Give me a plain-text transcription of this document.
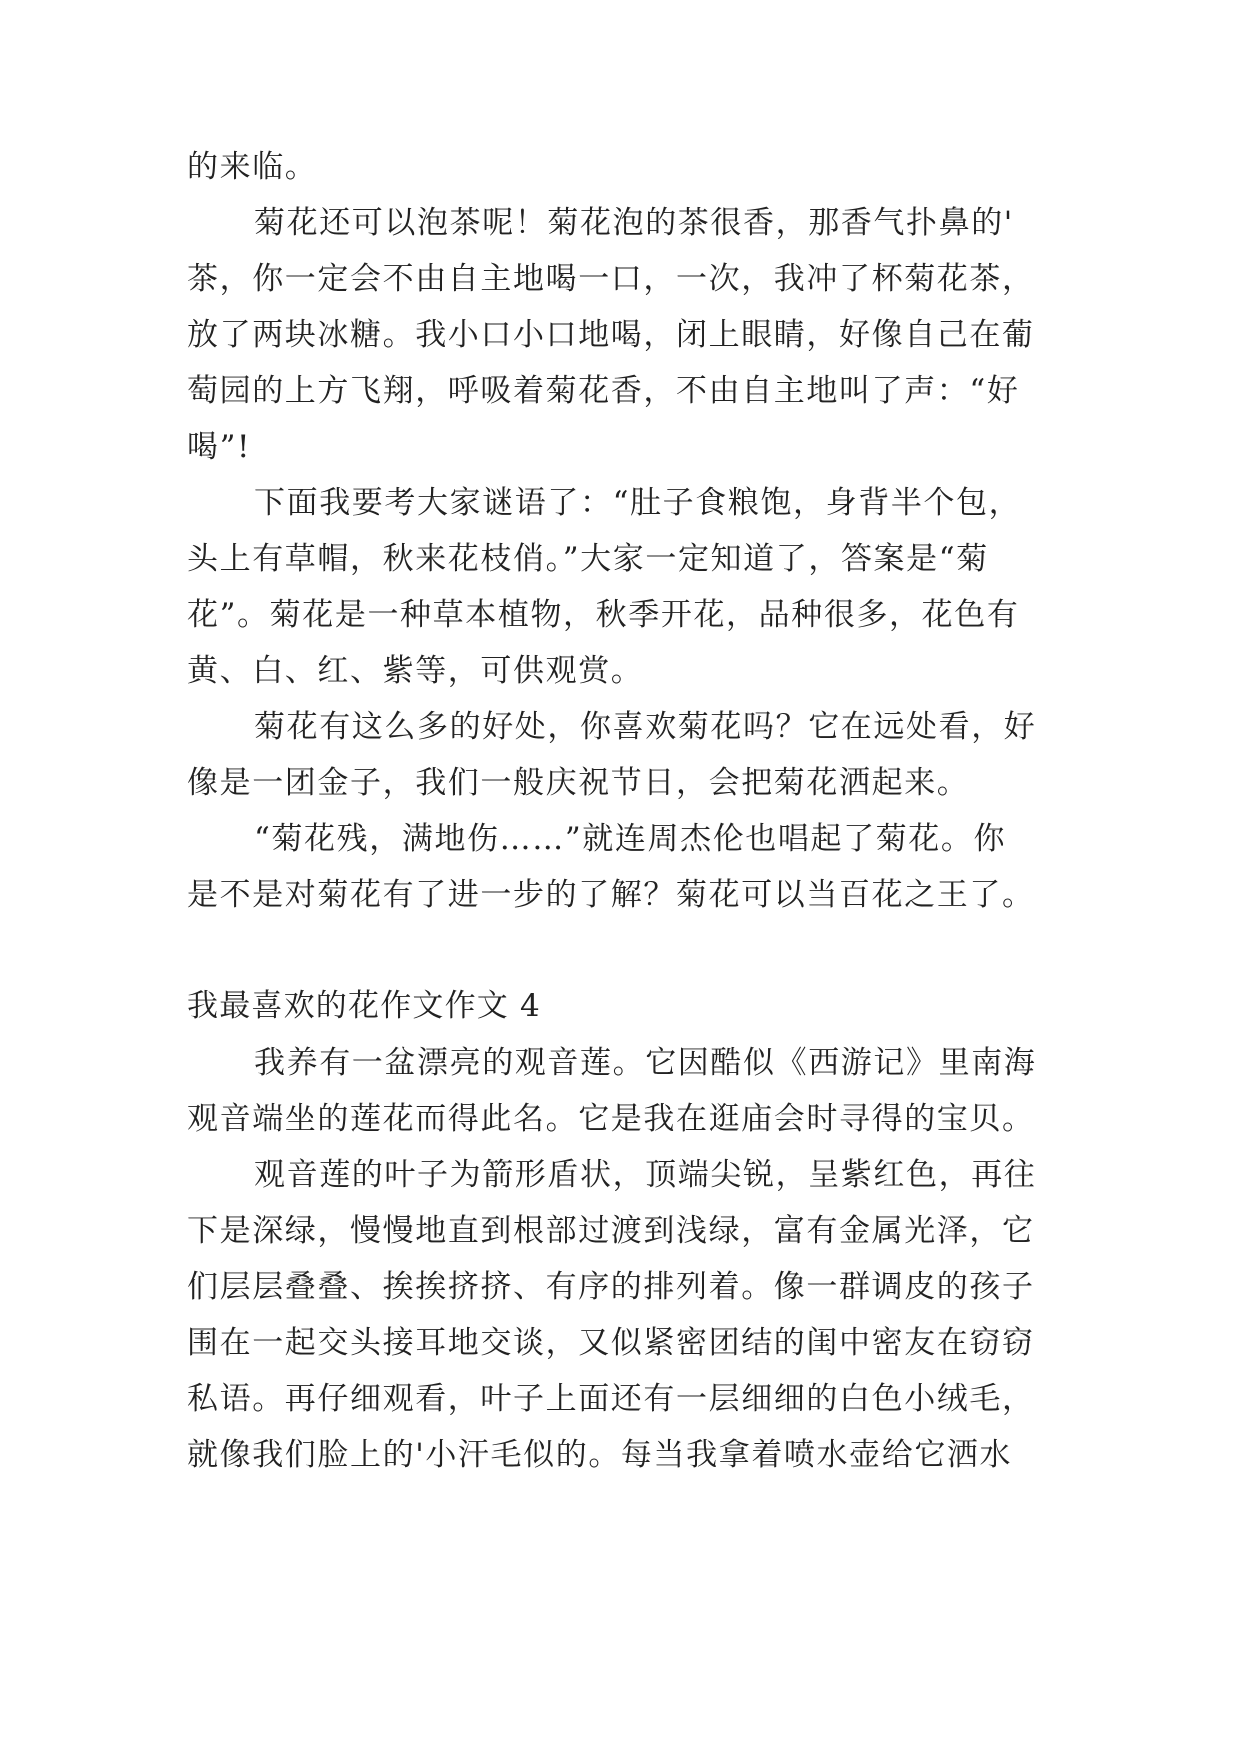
的来临。

菊花还可以泡茶呢！菊花泡的茶很香，那香气扑鼻的'

茶，你一定会不由自主地喝一口，一次，我冲了杯菊花茶，

放了两块冰糖。我小口小口地喝，闭上眼睛，好像自己在葡

萄园的上方飞翔，呼吸着菊花香，不由自主地叫了声：“好

喝”!

下面我要考大家谜语了：“肚子食粮饱，身背半个包，

头上有草帽，秋来花枝俏。”大家一定知道了，答案是“菊

花”。菊花是一种草本植物，秋季开花，品种很多，花色有

黄、白、红、紫等，可供观赏。

菊花有这么多的好处，你喜欢菊花吗？它在远处看，好

像是一团金子，我们一般庆祝节日，会把菊花洒起来。

“菊花残，满地伤……”就连周杰伦也唱起了菊花。你

是不是对菊花有了进一步的了解？菊花可以当百花之王了。

我最喜欢的花作文作文 4

我养有一盆漂亮的观音莲。它因酷似《西游记》里南海

观音端坐的莲花而得此名。它是我在逛庙会时寻得的宝贝。

观音莲的叶子为箭形盾状，顶端尖锐，呈紫红色，再往

下是深绿，慢慢地直到根部过渡到浅绿，富有金属光泽，它

们层层叠叠、挨挨挤挤、有序的排列着。像一群调皮的孩子

围在一起交头接耳地交谈，又似紧密团结的闺中密友在窃窃

私语。再仔细观看，叶子上面还有一层细细的白色小绒毛，

就像我们脸上的'小汗毛似的。每当我拿着喷水壶给它洒水
